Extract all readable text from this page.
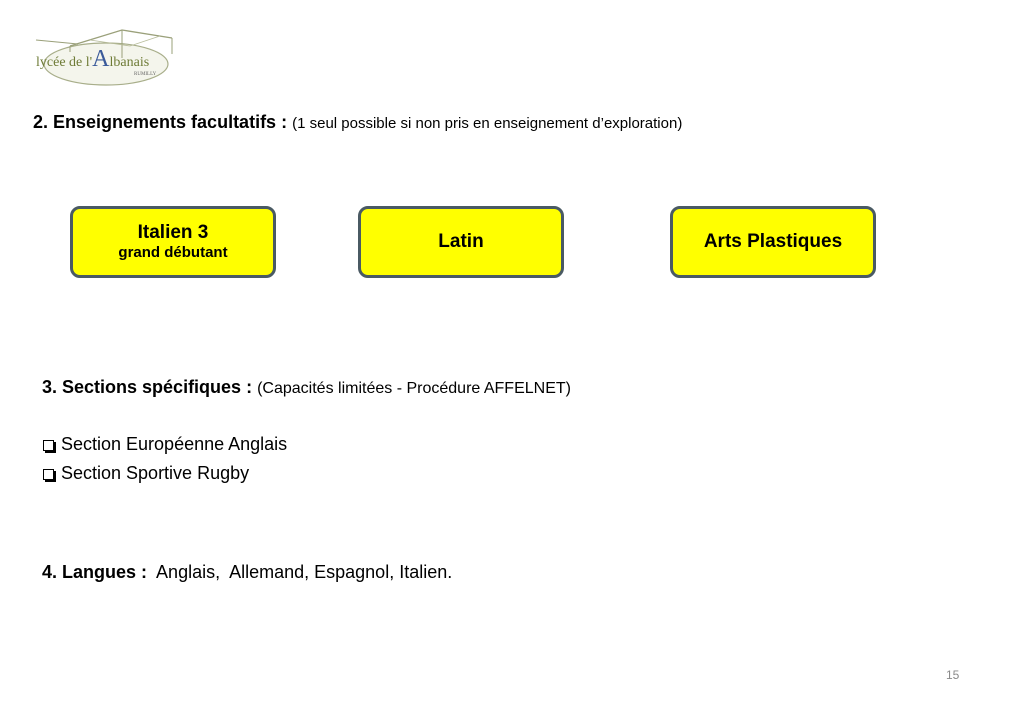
lycée de l'Albanais
RUMILLY
2. Enseignements facultatifs : (1 seul possible si non pris en enseignement d’exploration)
Italien 3
grand débutant
Latin	Arts Plastiques
3. Sections spécifiques : (Capacités limitées - Procédure AFFELNET)
Section Européenne Anglais
Section Sportive Rugby
4. Langues : Anglais,  Allemand, Espagnol, Italien.
15
